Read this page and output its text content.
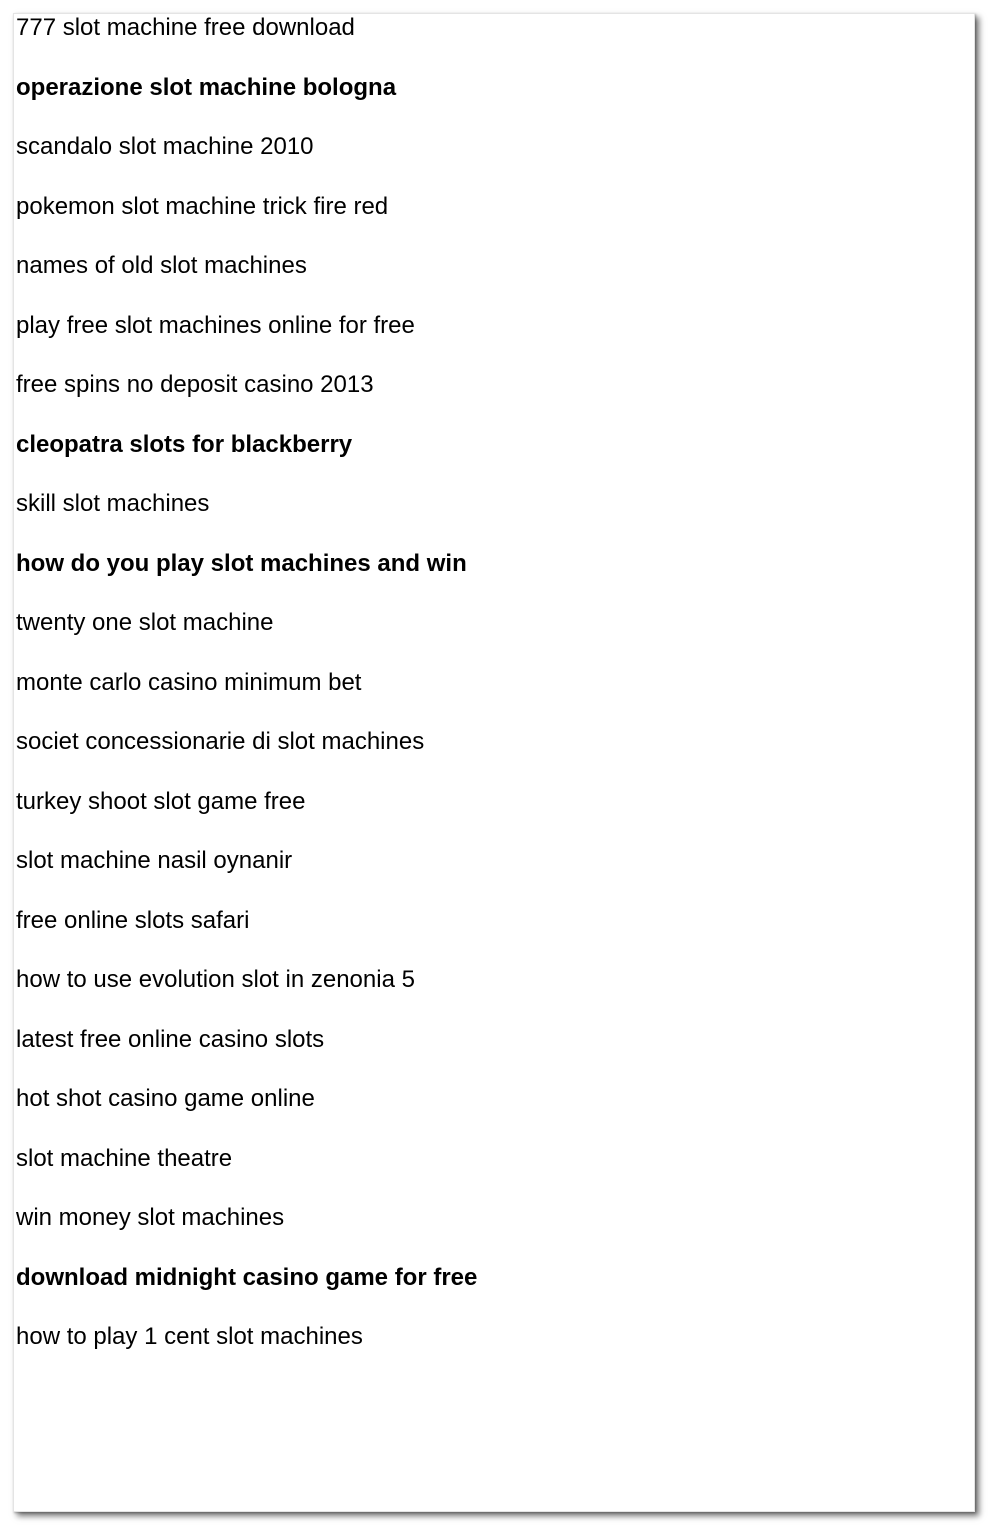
777 slot machine free download
operazione slot machine bologna
scandalo slot machine 2010
pokemon slot machine trick fire red
names of old slot machines
play free slot machines online for free
free spins no deposit casino 2013
cleopatra slots for blackberry
skill slot machines
how do you play slot machines and win
twenty one slot machine
monte carlo casino minimum bet
societ concessionarie di slot machines
turkey shoot slot game free
slot machine nasil oynanir
free online slots safari
how to use evolution slot in zenonia 5
latest free online casino slots
hot shot casino game online
slot machine theatre
win money slot machines
download midnight casino game for free
how to play 1 cent slot machines
